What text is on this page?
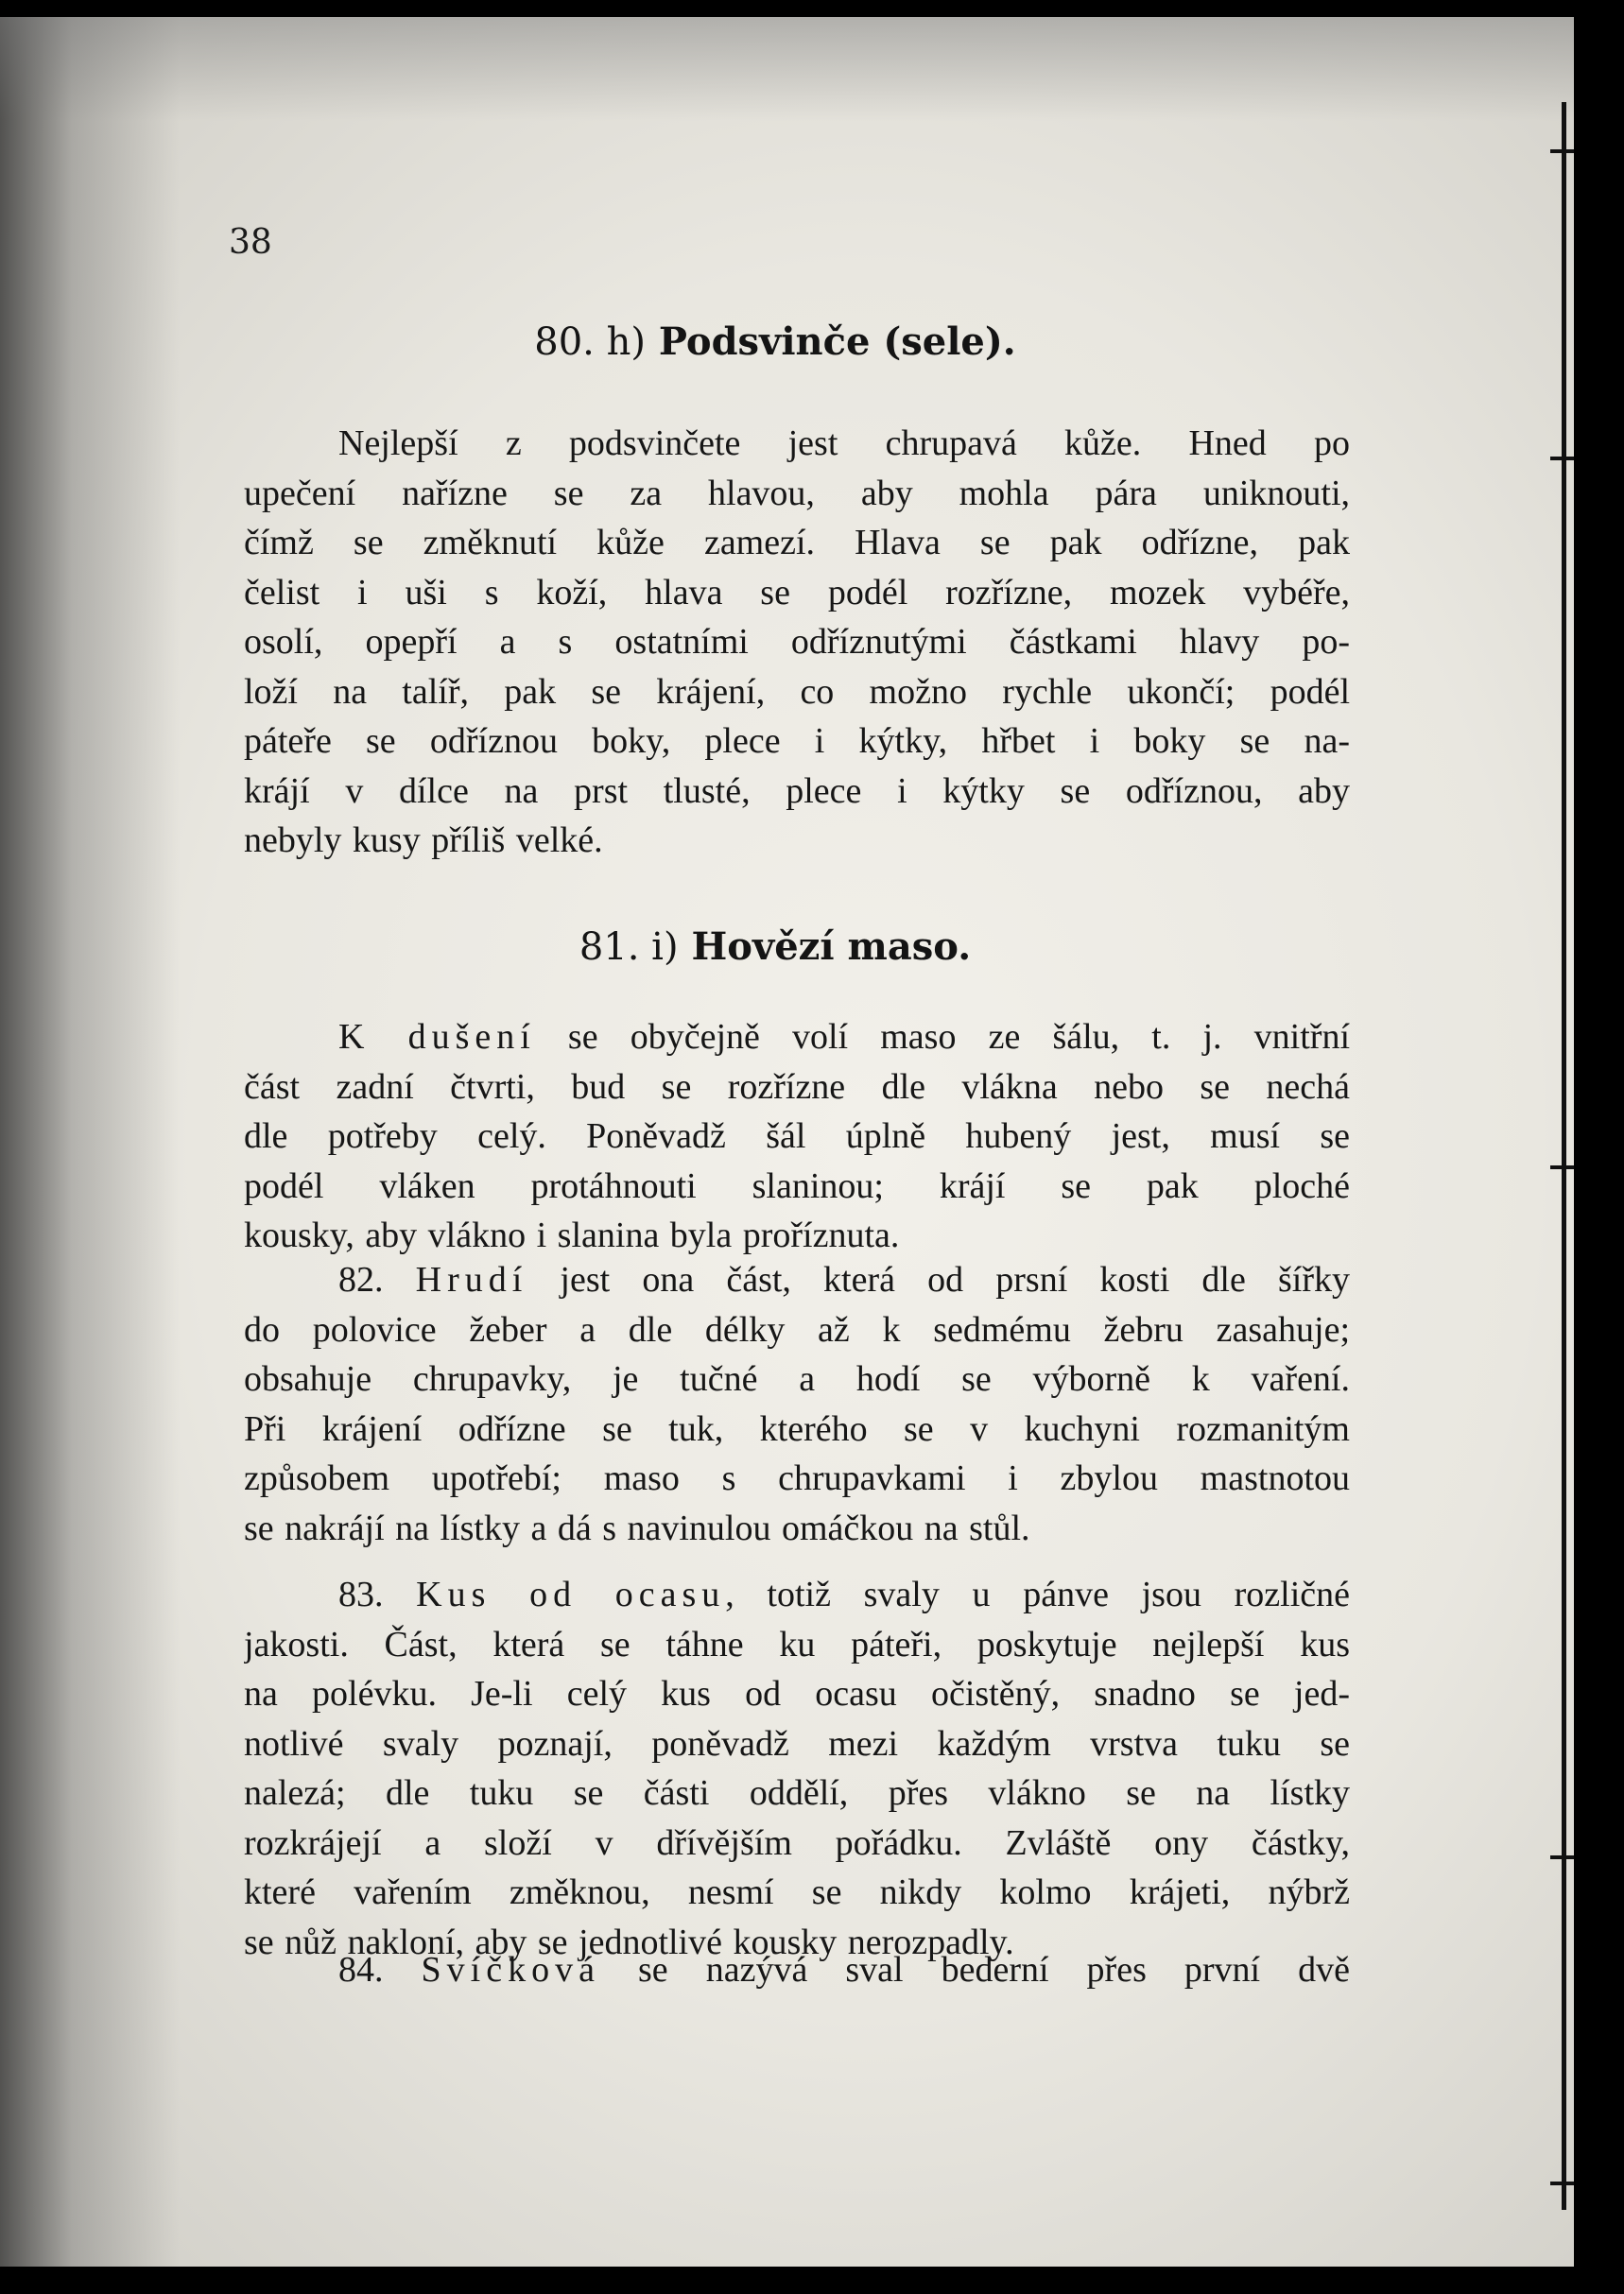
38
80. h) Podsvinče (sele).

Nejlepší z podsvinčete jest chrupavá kůže. Hned po
upečení nařízne se za hlavou, aby mohla pára uniknouti,
čímž se změknutí kůže zamezí. Hlava se pak odřízne, pak
čelist i uši s koží, hlava se podél rozřízne, mozek vybéře,
osolí, opepří a s ostatními odříznutými částkami hlavy po-
loží na talíř, pak se krájení, co možno rychle ukončí; podél
páteře se odříznou boky, plece i kýtky, hřbet i boky se na-
krájí v dílce na prst tlusté, plece i kýtky se odříznou, aby
nebyly kusy příliš velké.

81. i) Hovězí maso.

K dušení se obyčejně volí maso ze šálu, t. j. vnitřní
část zadní čtvrti, bud se rozřízne dle vlákna nebo se nechá
dle potřeby celý. Poněvadž šál úplně hubený jest, musí se
podél vláken protáhnouti slaninou; krájí se pak ploché
kousky, aby vlákno i slanina byla proříznuta.

82. Hrudí jest ona část, která od prsní kosti dle šířky
do polovice žeber a dle délky až k sedmému žebru zasahuje;
obsahuje chrupavky, je tučné a hodí se výborně k vaření.
Při krájení odřízne se tuk, kterého se v kuchyni rozmanitým
způsobem upotřebí; maso s chrupavkami i zbylou mastnotou
se nakrájí na lístky a dá s navinulou omáčkou na stůl.

83. Kus od ocasu, totiž svaly u pánve jsou rozličné
jakosti. Část, která se táhne ku páteři, poskytuje nejlepší kus
na polévku. Je-li celý kus od ocasu očistěný, snadno se jed-
notlivé svaly poznají, poněvadž mezi každým vrstva tuku se
nalezá; dle tuku se části oddělí, přes vlákno se na lístky
rozkrájejí a složí v dřívějším pořádku. Zvláště ony částky,
které vařením změknou, nesmí se nikdy kolmo krájeti, nýbrž
se nůž nakloní, aby se jednotlivé kousky nerozpadly.

84. Svíčková se nazývá sval bederní přes první dvě
